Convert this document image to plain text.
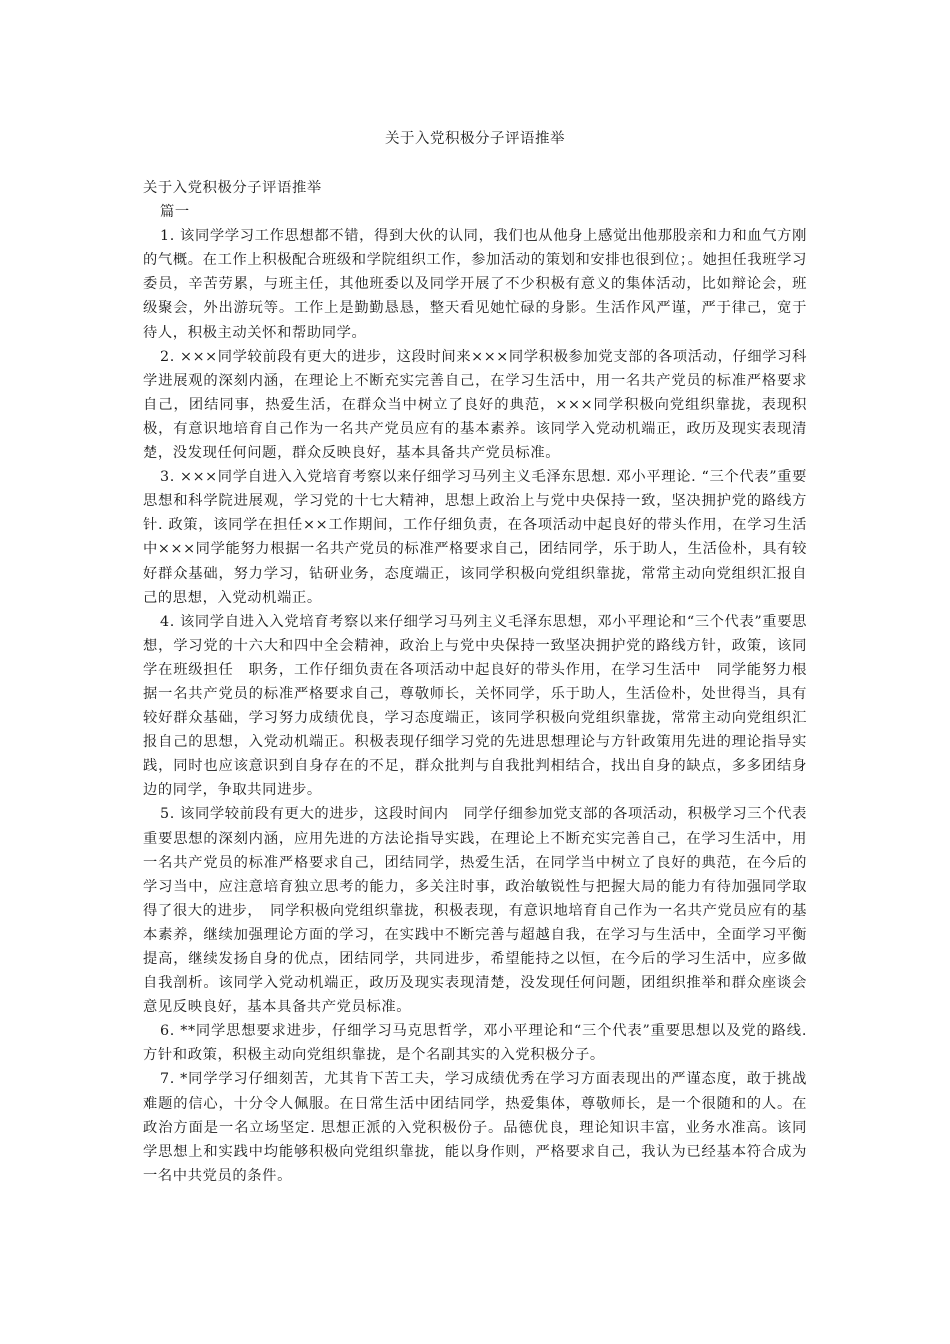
关于入党积极分子评语推举

关于入党积极分子评语推举

篇一

1. 该同学学习工作思想都不错，得到大伙的认同，我们也从他身上感觉出他那股亲和力和血气方刚的气概。在工作上积极配合班级和学院组织工作，参加活动的策划和安排也很到位；。她担任我班学习委员，辛苦劳累，与班主任，其他班委以及同学开展了不少积极有意义的集体活动，比如辩论会，班级聚会，外出游玩等。工作上是勤勤恳恳，整天看见她忙碌的身影。生活作风严谨，严于律己，宽于待人，积极主动关怀和帮助同学。

2. ×××同学较前段有更大的进步，这段时间来×××同学积极参加党支部的各项活动，仔细学习科学进展观的深刻内涵，在理论上不断充实完善自己，在学习生活中，用一名共产党员的标准严格要求自己，团结同事，热爱生活，在群众当中树立了良好的典范，×××同学积极向党组织靠拢，表现积极，有意识地培育自己作为一名共产党员应有的基本素养。该同学入党动机端正，政历及现实表现清楚，没发现任何问题，群众反映良好，基本具备共产党员标准。

3. ×××同学自进入入党培育考察以来仔细学习马列主义毛泽东思想. 邓小平理论. “三个代表”重要思想和科学院进展观，学习党的十七大精神，思想上政治上与党中央保持一致，坚决拥护党的路线方针. 政策，该同学在担任××工作期间，工作仔细负责，在各项活动中起良好的带头作用，在学习生活中×××同学能努力根据一名共产党员的标准严格要求自己，团结同学，乐于助人，生活俭朴，具有较好群众基础，努力学习，钻研业务，态度端正，该同学积极向党组织靠拢，常常主动向党组织汇报自己的思想，入党动机端正。

4. 该同学自进入入党培育考察以来仔细学习马列主义毛泽东思想，邓小平理论和“三个代表”重要思想，学习党的十六大和四中全会精神，政治上与党中央保持一致坚决拥护党的路线方针，政策，该同学在班级担任　职务，工作仔细负责在各项活动中起良好的带头作用，在学习生活中　同学能努力根据一名共产党员的标准严格要求自己，尊敬师长，关怀同学，乐于助人，生活俭朴，处世得当，具有较好群众基础，学习努力成绩优良，学习态度端正，该同学积极向党组织靠拢，常常主动向党组织汇报自己的思想，入党动机端正。积极表现仔细学习党的先进思想理论与方针政策用先进的理论指导实践，同时也应该意识到自身存在的不足，群众批判与自我批判相结合，找出自身的缺点，多多团结身边的同学，争取共同进步。

5. 该同学较前段有更大的进步，这段时间内　同学仔细参加党支部的各项活动，积极学习三个代表重要思想的深刻内涵，应用先进的方法论指导实践，在理论上不断充实完善自己，在学习生活中，用一名共产党员的标准严格要求自己，团结同学，热爱生活，在同学当中树立了良好的典范，在今后的学习当中，应注意培育独立思考的能力，多关注时事，政治敏锐性与把握大局的能力有待加强同学取得了很大的进步，　同学积极向党组织靠拢，积极表现，有意识地培育自己作为一名共产党员应有的基本素养，继续加强理论方面的学习，在实践中不断完善与超越自我，在学习与生活中，全面学习平衡提高，继续发扬自身的优点，团结同学，共同进步，希望能持之以恒，在今后的学习生活中，应多做自我剖析。该同学入党动机端正，政历及现实表现清楚，没发现任何问题，团组织推举和群众座谈会意见反映良好，基本具备共产党员标准。

6. **同学思想要求进步，仔细学习马克思哲学，邓小平理论和“三个代表”重要思想以及党的路线. 方针和政策，积极主动向党组织靠拢，是个名副其实的入党积极分子。

7. *同学学习仔细刻苦，尤其肯下苦工夫，学习成绩优秀在学习方面表现出的严谨态度，敢于挑战难题的信心，十分令人佩服。在日常生活中团结同学，热爱集体，尊敬师长，是一个很随和的人。在政治方面是一名立场坚定. 思想正派的入党积极份子。品德优良，理论知识丰富，业务水准高。该同学思想上和实践中均能够积极向党组织靠拢，能以身作则，严格要求自己，我认为已经基本符合成为一名中共党员的条件。
